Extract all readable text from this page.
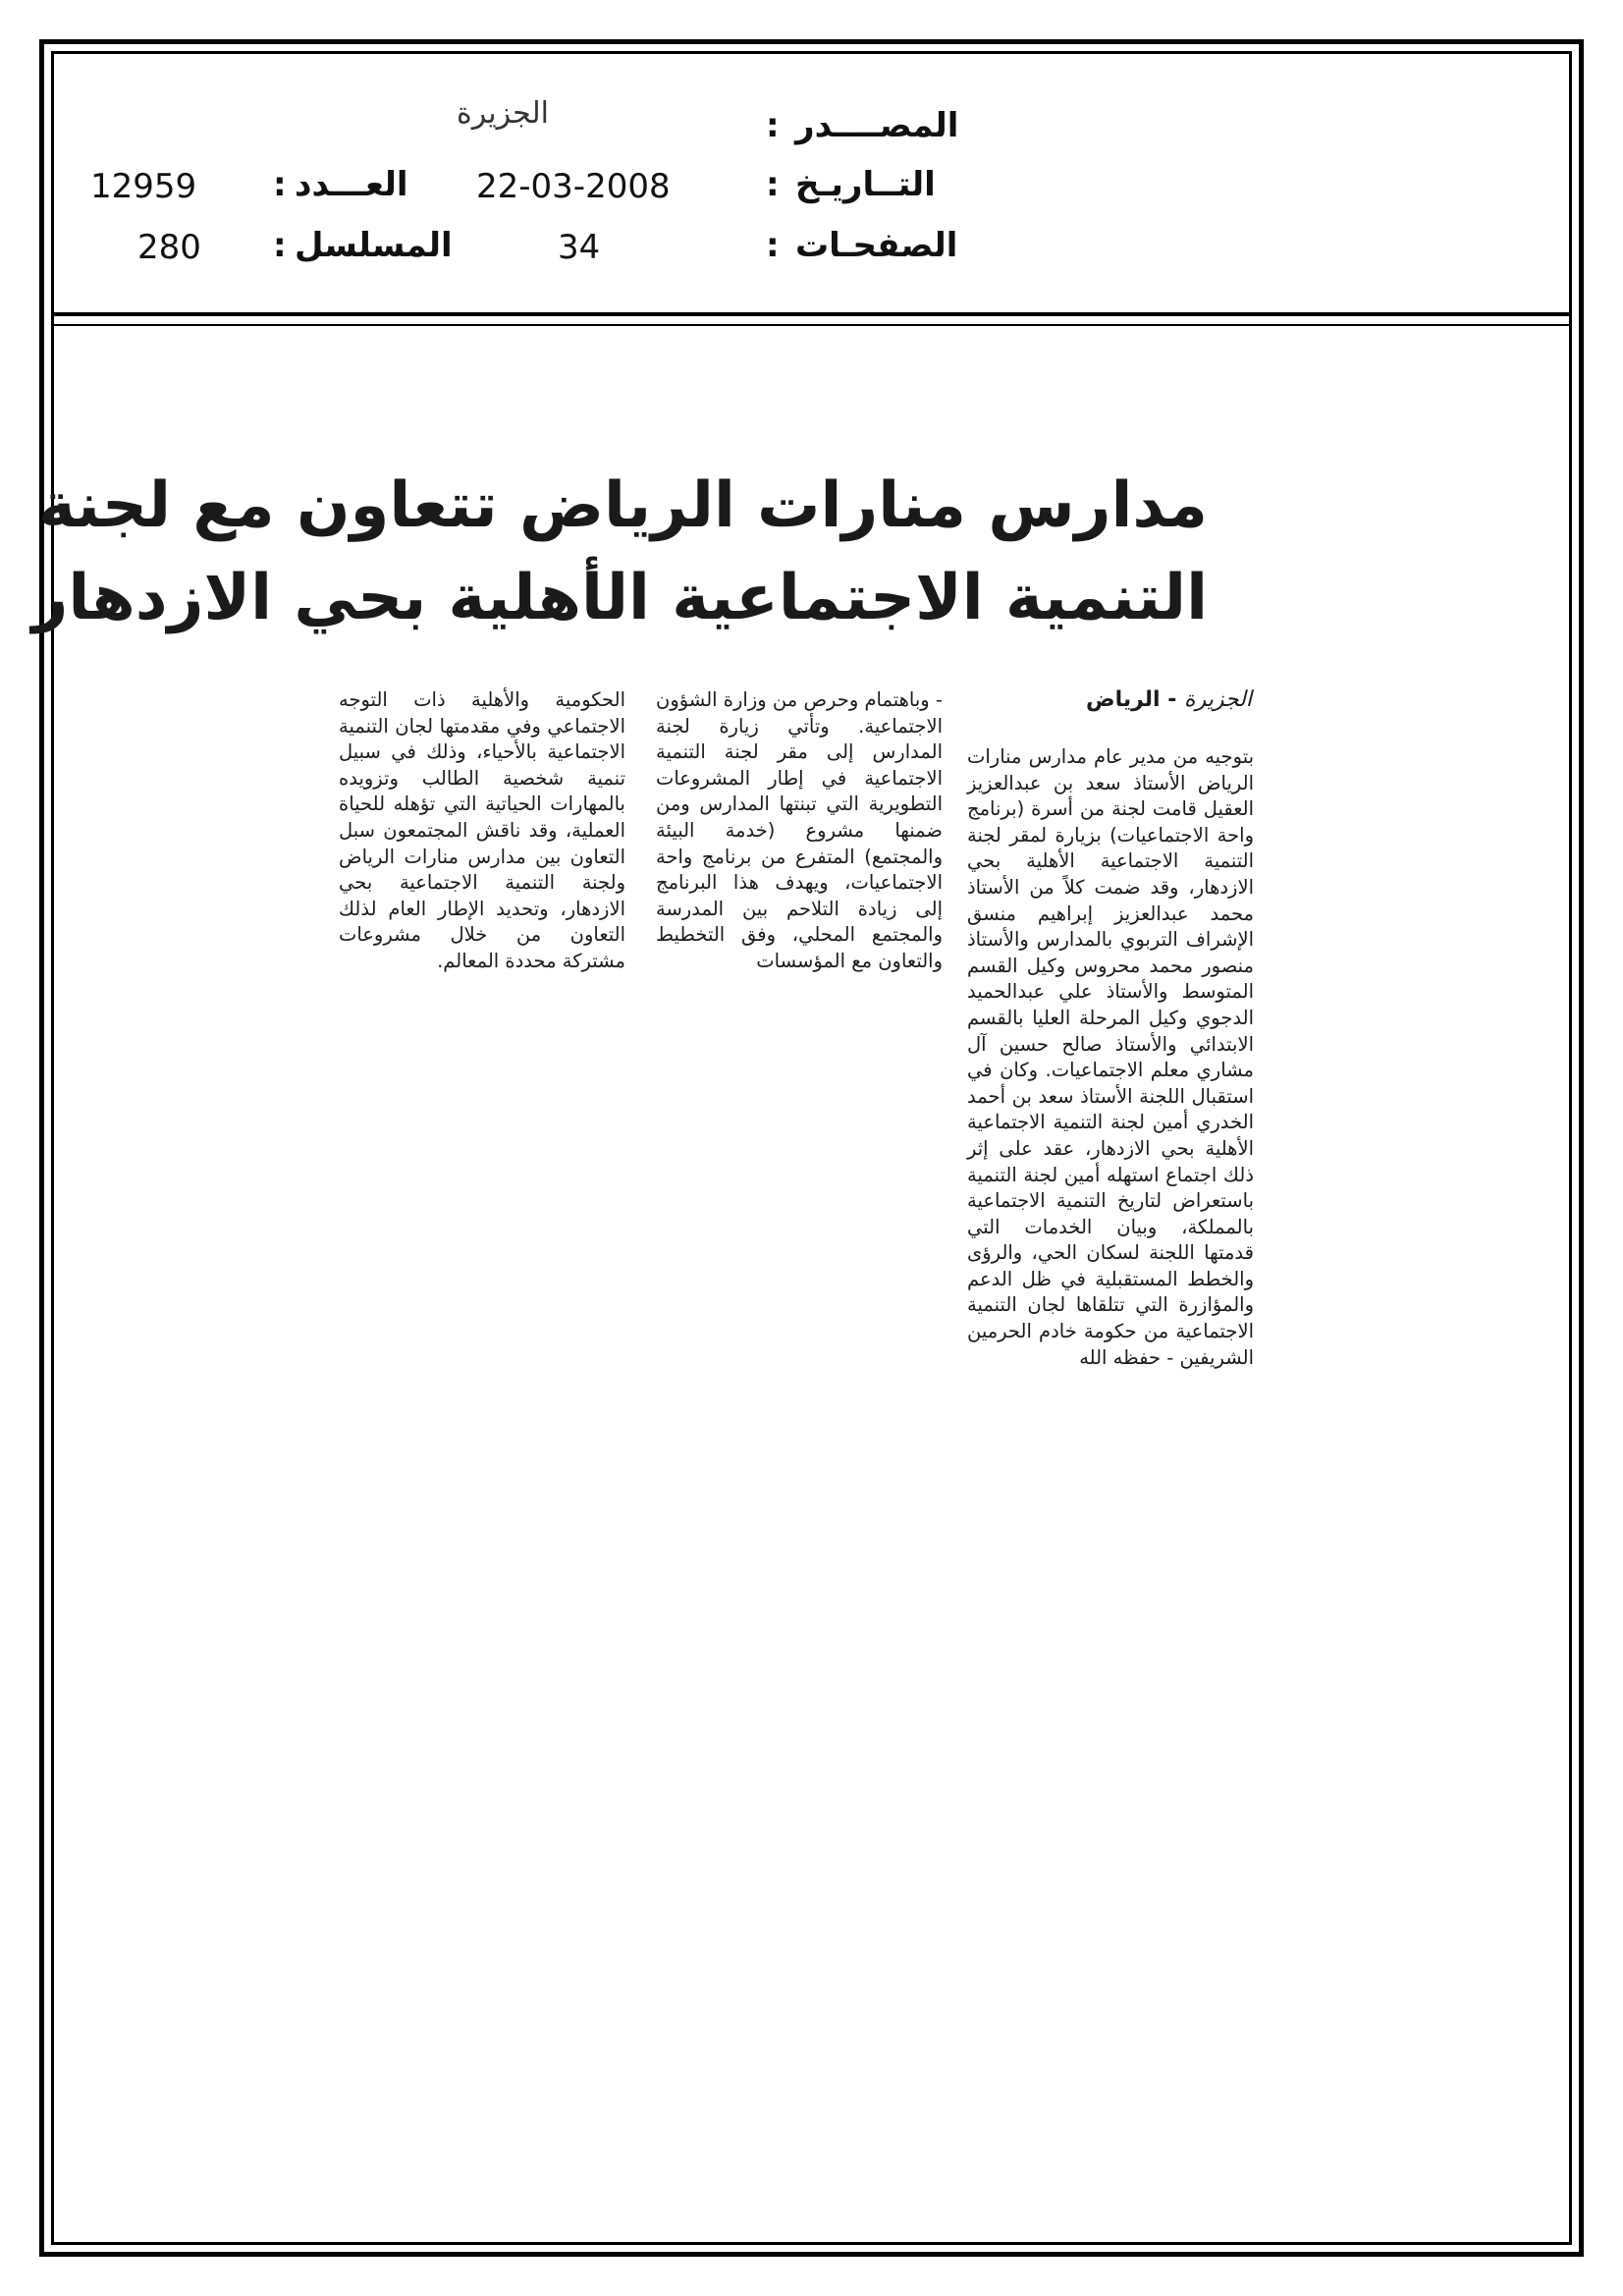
المصــــدر
:
الجزيرة
التــاريـخ
:
22-03-2008
العـــدد
:
12959
الصفحـات
:
34
المسلسل
:
280
مدارس منارات الرياض تتعاون مع لجنة
التنمية الاجتماعية الأهلية بحي الازدهار
الجزيرة - الرياض

بتوجيه من مدير عام مدارس منارات الرياض الأستاذ سعد بن عبدالعزيز العقيل قامت لجنة من أسرة (برنامج واحة الاجتماعيات) بزيارة لمقر لجنة التنمية الاجتماعية الأهلية بحي الازدهار، وقد ضمت كلاً من الأستاذ محمد عبدالعزيز إبراهيم منسق الإشراف التربوي بالمدارس والأستاذ منصور محمد محروس وكيل القسم المتوسط والأستاذ علي عبدالحميد الدجوي وكيل المرحلة العليا بالقسم الابتدائي والأستاذ صالح حسين آل مشاري معلم الاجتماعيات. وكان في استقبال اللجنة الأستاذ سعد بن أحمد الخدري أمين لجنة التنمية الاجتماعية الأهلية بحي الازدهار، عقد على إثر ذلك اجتماع استهله أمين لجنة التنمية باستعراض لتاريخ التنمية الاجتماعية بالمملكة، وبيان الخدمات التي قدمتها اللجنة لسكان الحي، والرؤى والخطط المستقبلية في ظل الدعم والمؤازرة التي تتلقاها لجان التنمية الاجتماعية من حكومة خادم الحرمين الشريفين - حفظه الله

- وباهتمام وحرص من وزارة الشؤون الاجتماعية. وتأتي زيارة لجنة المدارس إلى مقر لجنة التنمية الاجتماعية في إطار المشروعات التطويرية التي تبنتها المدارس ومن ضمنها مشروع (خدمة البيئة والمجتمع) المتفرع من برنامج واحة الاجتماعيات، ويهدف هذا البرنامج إلى زيادة التلاحم بين المدرسة والمجتمع المحلي، وفق التخطيط والتعاون مع المؤسسات

الحكومية والأهلية ذات التوجه الاجتماعي وفي مقدمتها لجان التنمية الاجتماعية بالأحياء، وذلك في سبيل تنمية شخصية الطالب وتزويده بالمهارات الحياتية التي تؤهله للحياة العملية، وقد ناقش المجتمعون سبل التعاون بين مدارس منارات الرياض ولجنة التنمية الاجتماعية بحي الازدهار، وتحديد الإطار العام لذلك التعاون من خلال مشروعات مشتركة محددة المعالم.
